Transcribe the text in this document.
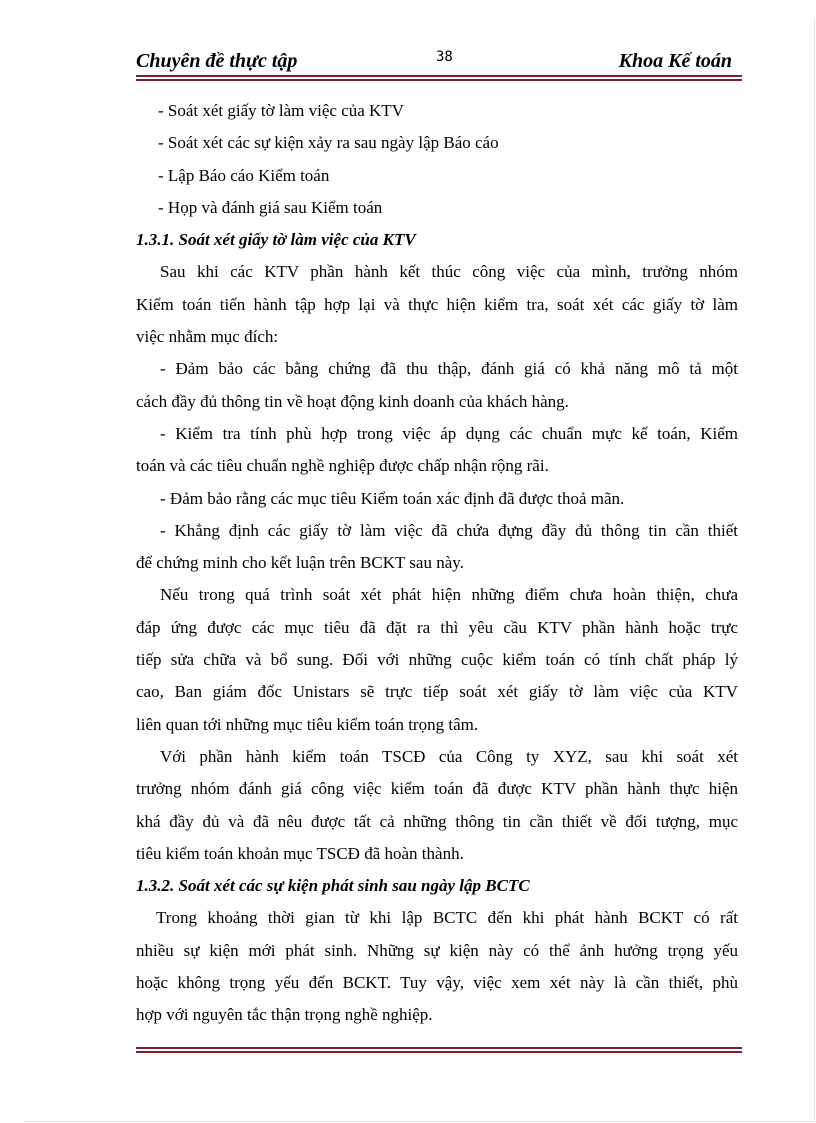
Chuyên đề thực tập	38	Khoa Kế toán
- Soát xét giấy tờ làm việc của KTV
- Soát xét các sự kiện xảy ra sau ngày lập Báo cáo
- Lập Báo cáo Kiểm toán
- Họp và đánh giá sau Kiểm toán
1.3.1. Soát xét giấy tờ làm việc của KTV
Sau khi các KTV phần hành kết thúc công việc của mình, trưởng nhóm
Kiểm toán tiến hành tập hợp lại và thực hiện kiểm tra, soát xét các giấy tờ làm
việc nhằm mục đích:
- Đảm bảo các bằng chứng đã thu thập, đánh giá có khả năng mô tả một
cách đầy đủ thông tin về hoạt động kinh doanh của khách hàng.
- Kiểm tra tính phù hợp trong việc áp dụng các chuẩn mực kế toán, Kiểm
toán và các tiêu chuẩn nghề nghiệp được chấp nhận rộng rãi.
- Đảm bảo rằng các mục tiêu Kiểm toán xác định đã được thoả mãn.
- Khẳng định các giấy tờ làm việc đã chứa đựng đầy đủ thông tin cần thiết
để chứng minh cho kết luận trên BCKT sau này.
Nếu trong quá trình soát xét phát hiện những điểm chưa hoàn thiện, chưa
đáp ứng được các mục tiêu đã đặt ra thì yêu cầu KTV phần hành hoặc trực
tiếp sửa chữa và bổ sung. Đối với những cuộc kiểm toán có tính chất pháp lý
cao, Ban giám đốc Unistars sẽ trực tiếp soát xét giấy tờ làm việc của KTV
liên quan tới những mục tiêu kiểm toán trọng tâm.
Với phần hành kiểm toán TSCĐ của Công ty XYZ, sau khi soát xét
trưởng nhóm đánh giá công việc kiểm toán đã được KTV phần hành thực hiện
khá đầy đủ và đã nêu được tất cả những thông tin cần thiết về đối tượng, mục
tiêu kiểm toán khoản mục TSCĐ đã hoàn thành.
1.3.2. Soát xét các sự kiện phát sinh sau ngày lập BCTC
Trong khoảng thời gian từ khi lập BCTC đến khi phát hành BCKT có rất
nhiều sự kiện mới phát sinh. Những sự kiện này có thể ảnh hưởng trọng yếu
hoặc không trọng yếu đến BCKT. Tuy vậy, việc xem xét này là cần thiết, phù
hợp với nguyên tắc thận trọng nghề nghiệp.
